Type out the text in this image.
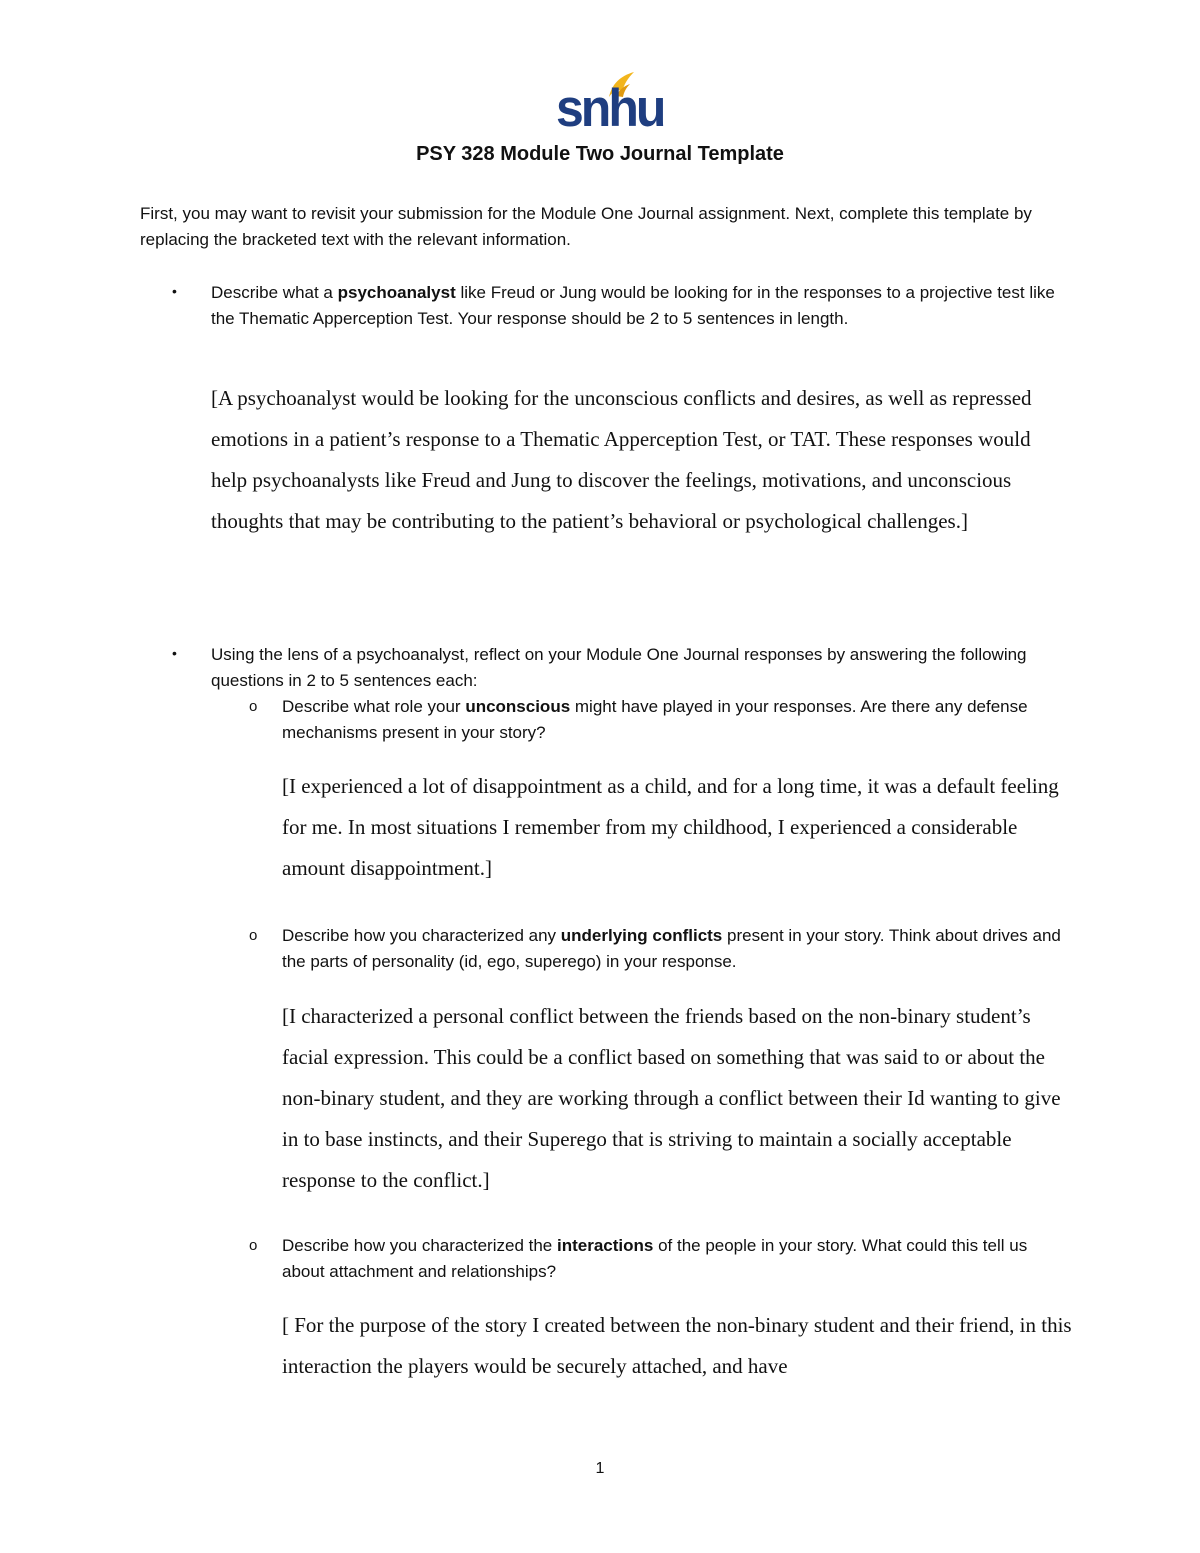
snhu
PSY 328 Module Two Journal Template
First, you may want to revisit your submission for the Module One Journal assignment. Next, complete this template by replacing the bracketed text with the relevant information.
• Describe what a psychoanalyst like Freud or Jung would be looking for in the responses to a projective test like the Thematic Apperception Test. Your response should be 2 to 5 sentences in length.
[A psychoanalyst would be looking for the unconscious conflicts and desires, as well as repressed emotions in a patient’s response to a Thematic Apperception Test, or TAT. These responses would help psychoanalysts like Freud and Jung to discover the feelings, motivations, and unconscious thoughts that may be contributing to the patient’s behavioral or psychological challenges.]
• Using the lens of a psychoanalyst, reflect on your Module One Journal responses by answering the following questions in 2 to 5 sentences each:
o Describe what role your unconscious might have played in your responses. Are there any defense mechanisms present in your story?
[I experienced a lot of disappointment as a child, and for a long time, it was a default feeling for me. In most situations I remember from my childhood, I experienced a considerable amount disappointment.]
o Describe how you characterized any underlying conflicts present in your story. Think about drives and the parts of personality (id, ego, superego) in your response.
[I characterized a personal conflict between the friends based on the non-binary student’s facial expression. This could be a conflict based on something that was said to or about the non-binary student, and they are working through a conflict between their Id wanting to give in to base instincts, and their Superego that is striving to maintain a socially acceptable response to the conflict.]
o Describe how you characterized the interactions of the people in your story. What could this tell us about attachment and relationships?
[ For the purpose of the story I created between the non-binary student and their friend, in this interaction the players would be securely attached, and have
1
